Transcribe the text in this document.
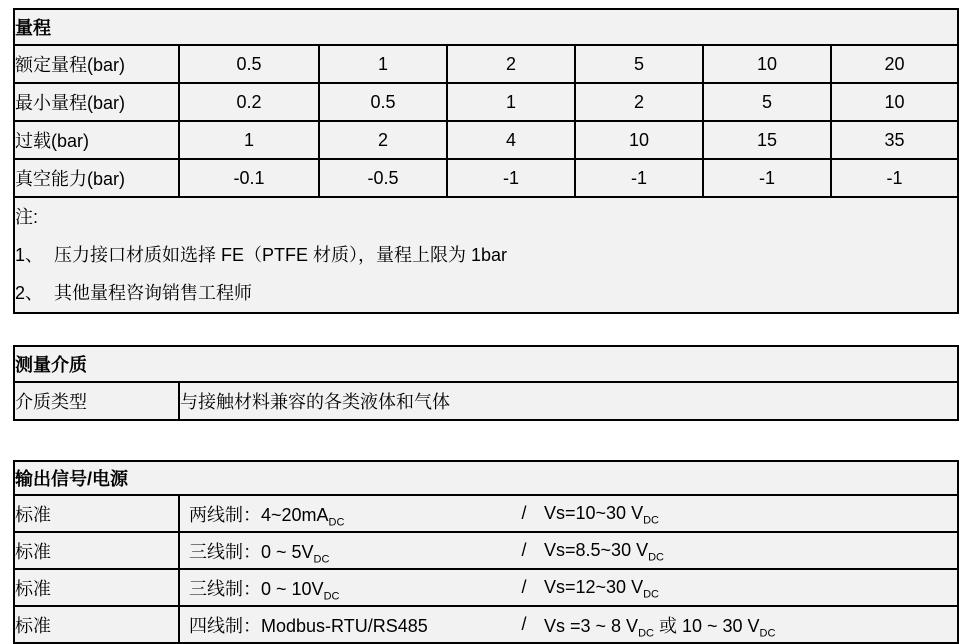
量程						
额定量程(bar)	0.5	1	2	5	10	20
最小量程(bar)	0.2	0.5	1	2	5	10
过载(bar)	1	2	4	10	15	35
真空能力(bar)	-0.1	-0.5	-1	-1	-1	-1

注:
1、 压力接口材质如选择 FE（PTFE 材质），量程上限为 1bar
2、 其他量程咨询销售工程师						
测量介质
介质类型	与接触材料兼容的各类液体和气体
输出信号/电源	
标准	两线制：$4\sim 20mA_{DC}$ / Vs=10~30 $V_{DC}$

标准	三线制：0 ~ $5V_{DC}$ / Vs=8.5~30 $V_{DC}$

标准	三线制：0 ~ $10V_{DC}$ / Vs=12~30 $V_{DC}$

标准	四线制：Modbus-RTU/RS485 / Vs =3 ~ 8 $V_{DC}$ 或 10 ~ 30 $V_{DC}$
